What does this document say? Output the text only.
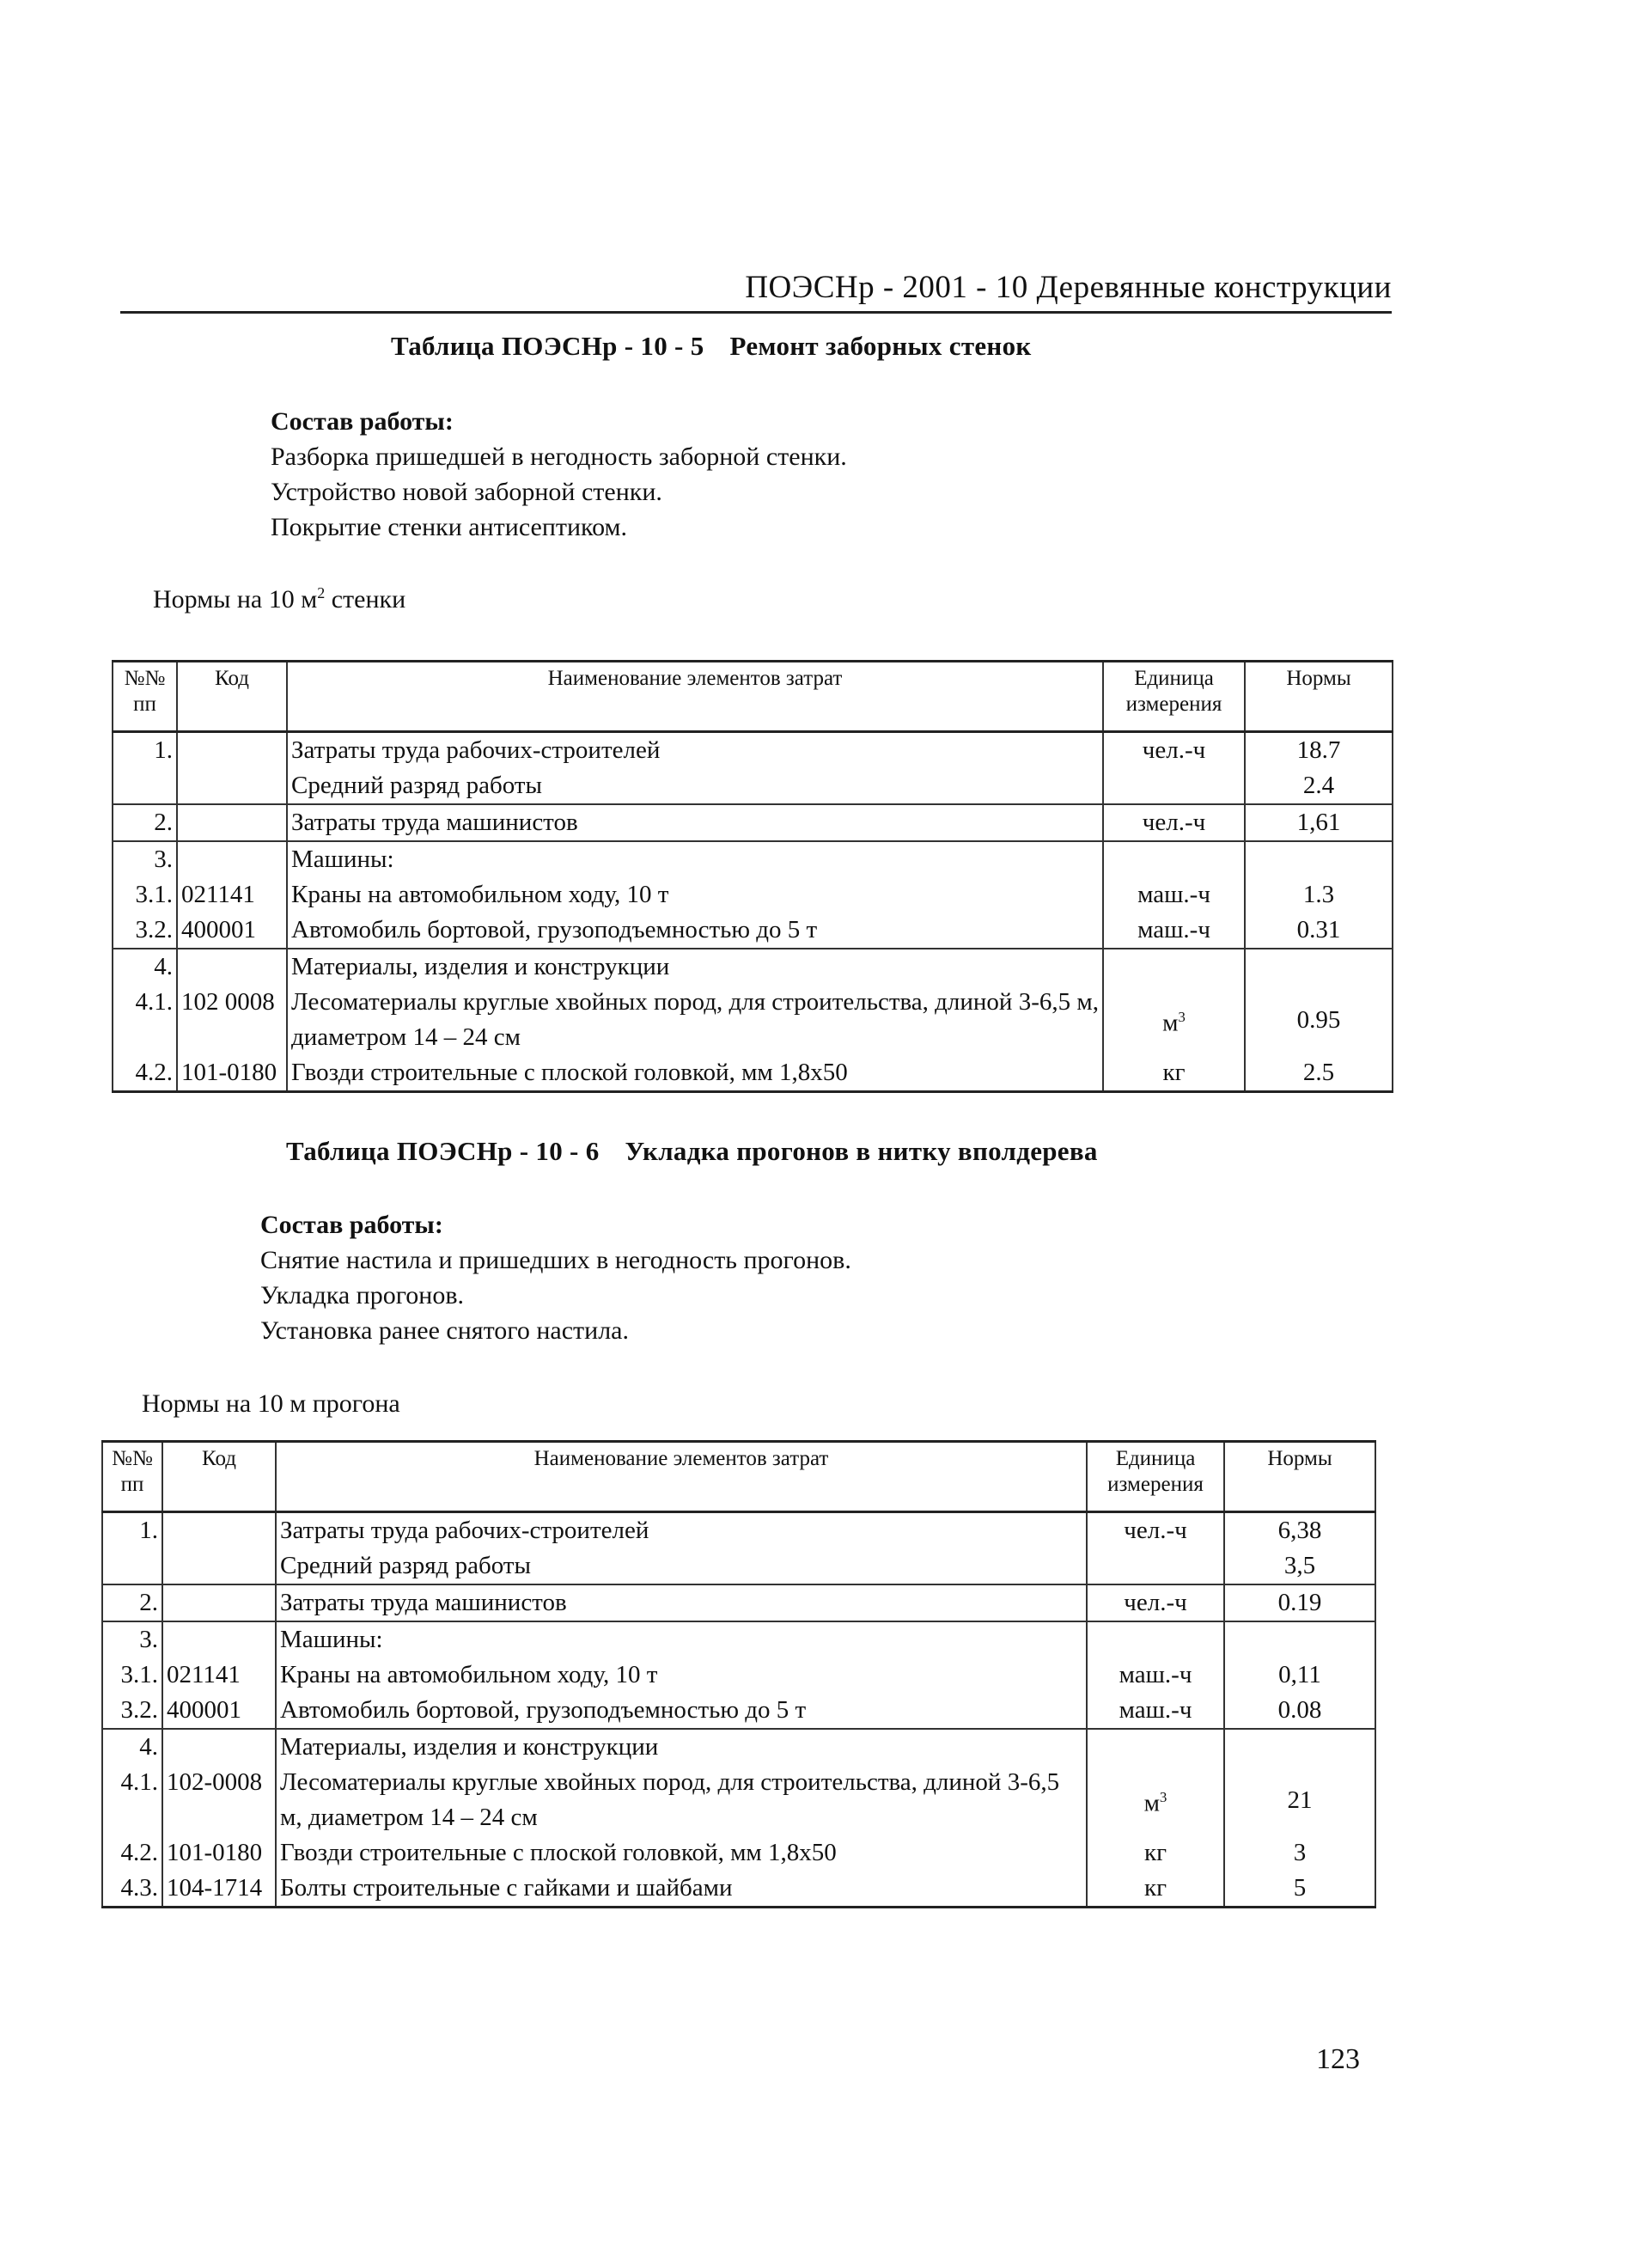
ПОЭСНр - 2001 - 10 Деревянные конструкции
Таблица ПОЭСНр - 10 - 5 Ремонт заборных стенок
Состав работы:
Разборка пришедшей в негодность заборной стенки.
Устройство новой заборной стенки.
Покрытие стенки антисептиком.
Нормы на 10 $м^2$ стенки
№№ пп	Код	Наименование элементов затрат	Единица измерения	Нормы
1.		Затраты труда рабочих-строителей	чел.-ч	18.7
		Средний разряд работы		2.4
2.		Затраты труда машинистов	чел.-ч	1,61
3.		Машины:		
3.1.	021141	Краны на автомобильном ходу, 10 т	маш.-ч	1.3
3.2.	400001	Автомобиль бортовой, грузоподъемностью до 5 т	маш.-ч	0.31
4.		Материалы, изделия и конструкции		
4.1.	102 0008	Лесоматериалы круглые хвойных пород, для строительства, длиной 3-6,5 м, диаметром 14 – 24 см	$м^3$	0.95
4.2.	101-0180	Гвозди строительные с плоской головкой, мм 1,8х50	кг	2.5
Таблица ПОЭСНр - 10 - 6 Укладка прогонов в нитку вполдерева
Состав работы:
Снятие настила и пришедших в негодность прогонов.
Укладка прогонов.
Установка ранее снятого настила.
Нормы на 10 м прогона
№№ пп	Код	Наименование элементов затрат	Единица измерения	Нормы
1.		Затраты труда рабочих-строителей	чел.-ч	6,38
		Средний разряд работы		3,5
2.		Затраты труда машинистов	чел.-ч	0.19
3.		Машины:		
3.1.	021141	Краны на автомобильном ходу, 10 т	маш.-ч	0,11
3.2.	400001	Автомобиль бортовой, грузоподъемностью до 5 т	маш.-ч	0.08
4.		Материалы, изделия и конструкции		
4.1.	102-0008	Лесоматериалы круглые хвойных пород, для строительства, длиной 3-6,5 м, диаметром 14 – 24 см	$м^3$	21
4.2.	101-0180	Гвозди строительные с плоской головкой, мм 1,8х50	кг	3
4.3.	104-1714	Болты строительные с гайками и шайбами	кг	5
123
